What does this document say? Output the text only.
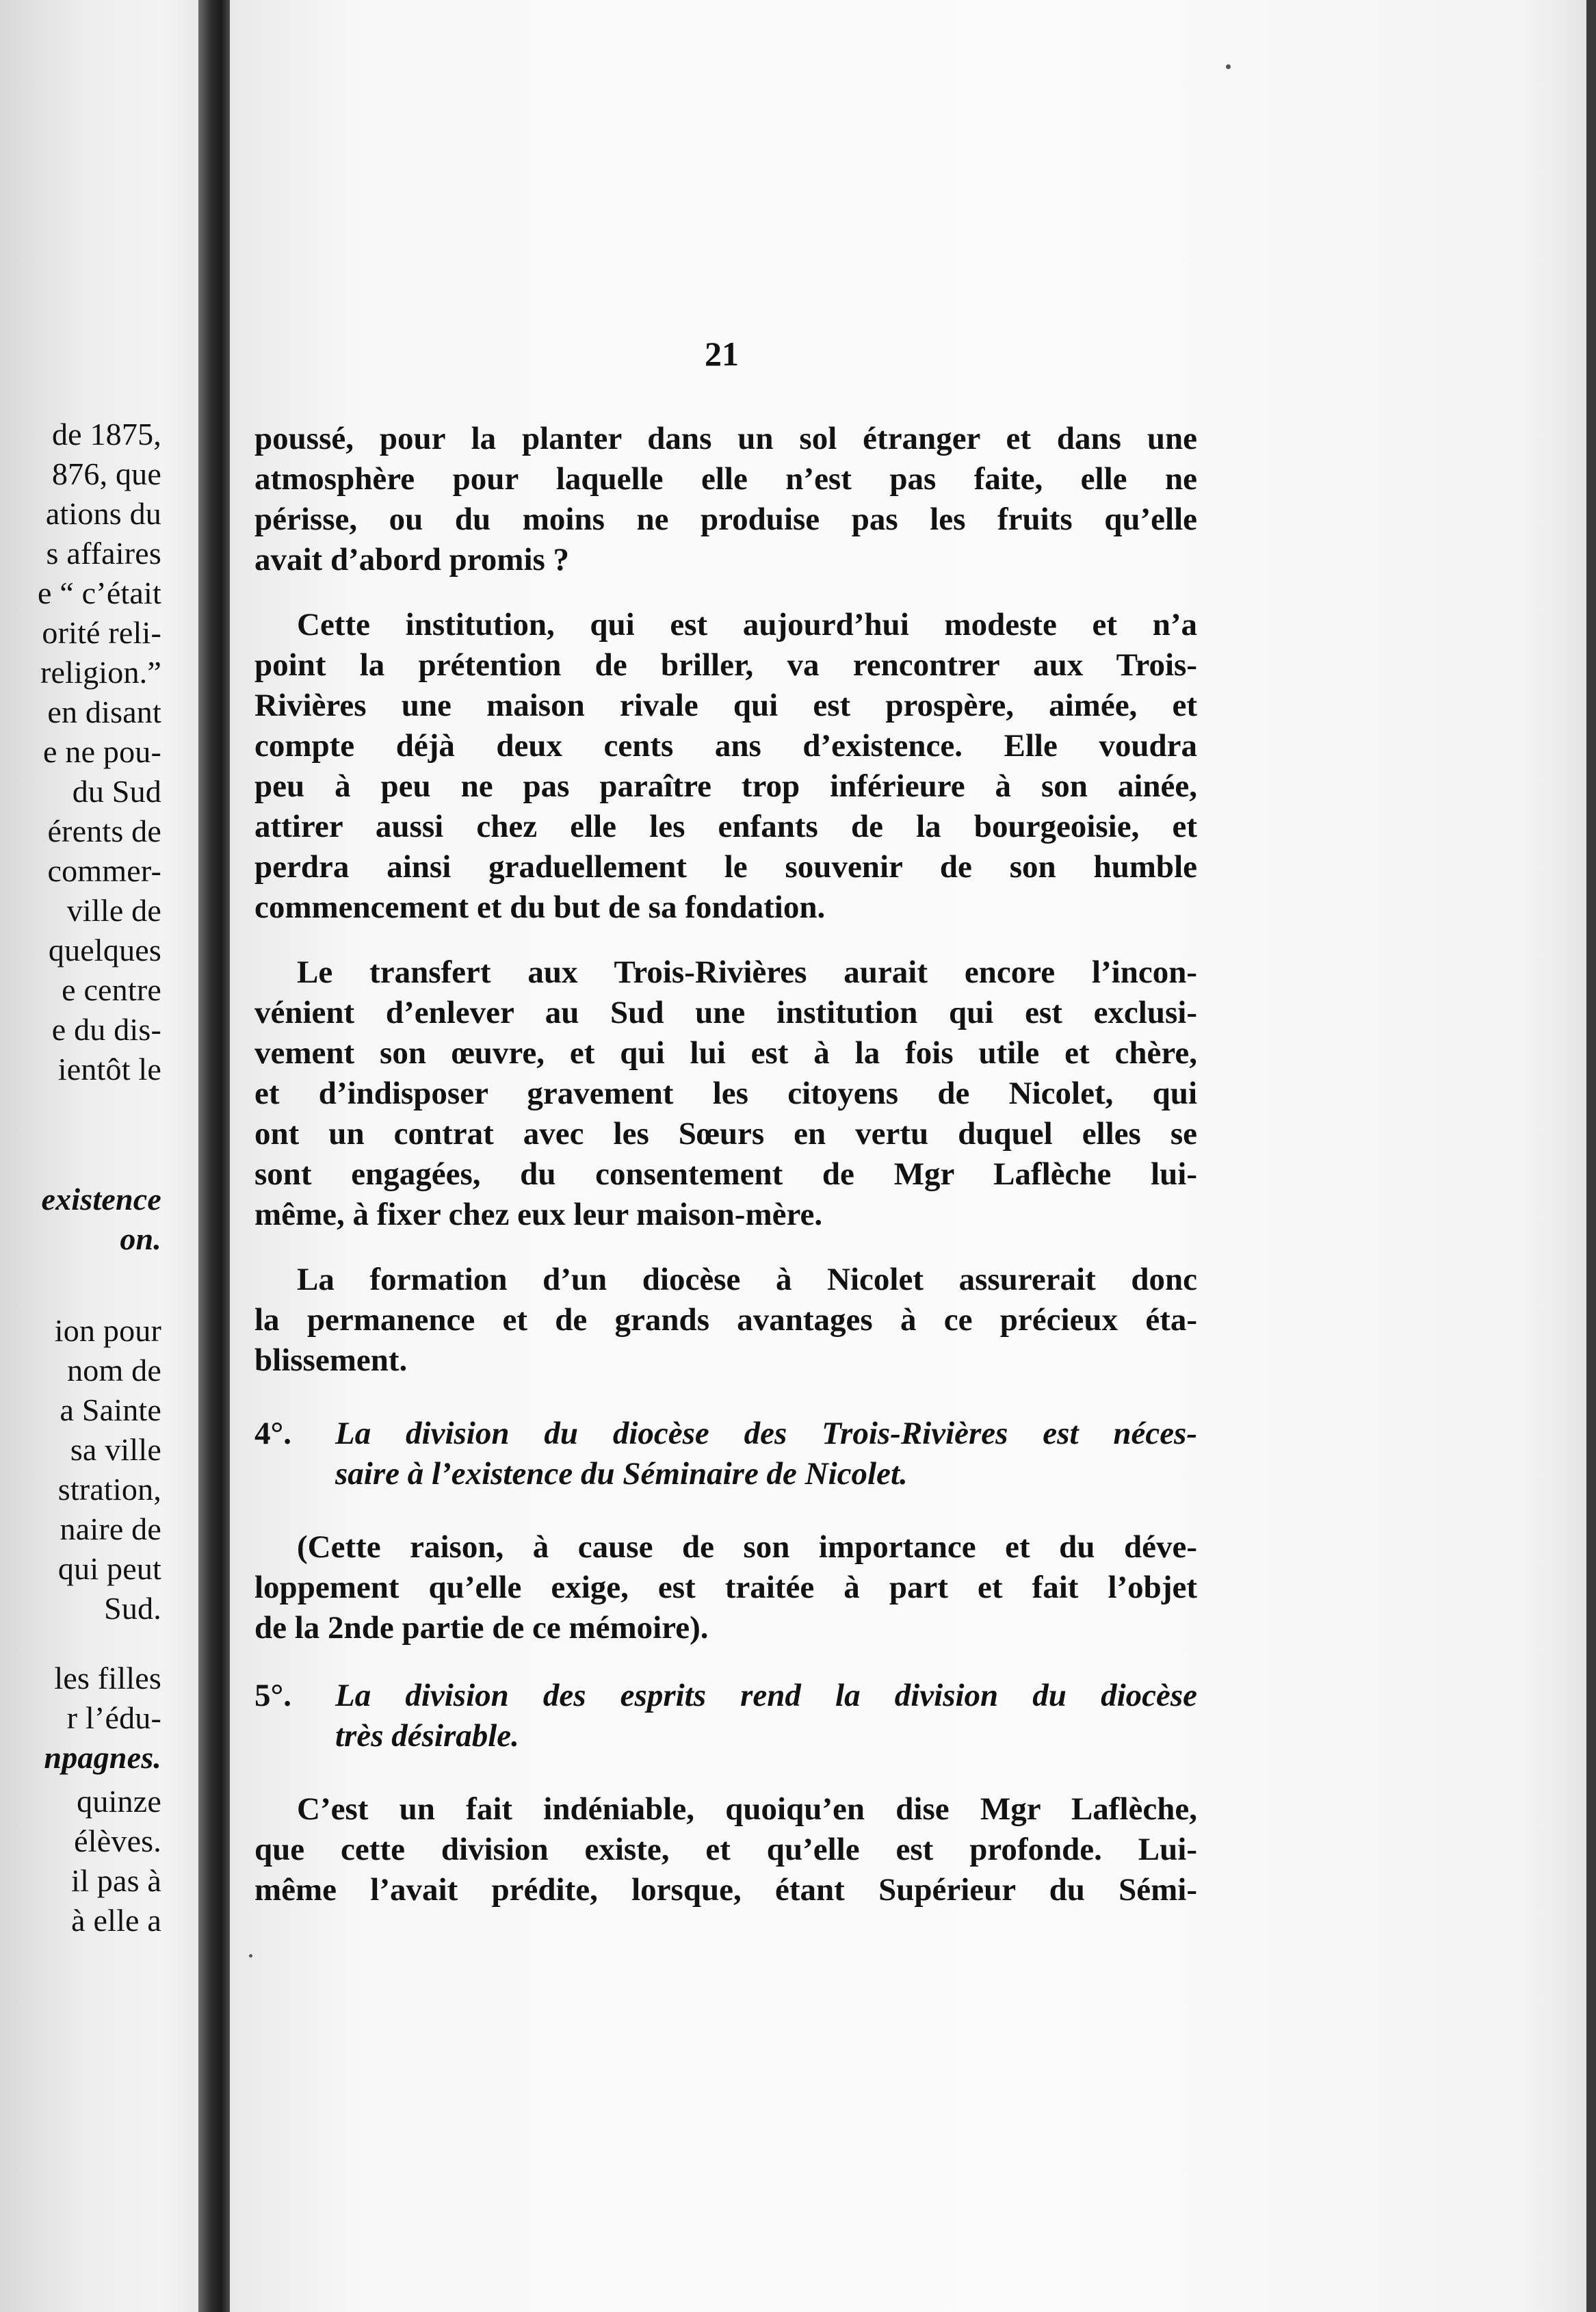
de 1875,
876, que
ations du
s affaires
e “ c’était
orité reli-
religion.”
en disant
e ne pou-
du Sud
érents de
commer-
ville de
quelques
e centre
e du dis-
ientôt le
existence
on.
ion pour
nom de
a Sainte
sa ville
stration,
naire de
qui peut
Sud.
les filles
r l’édu-
npagnes.
quinze
élèves.
il pas à
à elle a
21
poussé, pour la planter dans un sol étranger et dans une
atmosphère pour laquelle elle n’est pas faite, elle ne
périsse, ou du moins ne produise pas les fruits qu’elle
avait d’abord promis ?
Cette institution, qui est aujourd’hui modeste et n’a
point la prétention de briller, va rencontrer aux Trois-
Rivières une maison rivale qui est prospère, aimée, et
compte déjà deux cents ans d’existence. Elle voudra
peu à peu ne pas paraître trop inférieure à son ainée,
attirer aussi chez elle les enfants de la bourgeoisie, et
perdra ainsi graduellement le souvenir de son humble
commencement et du but de sa fondation.
Le transfert aux Trois-Rivières aurait encore l’incon-
vénient d’enlever au Sud une institution qui est exclusi-
vement son œuvre, et qui lui est à la fois utile et chère,
et d’indisposer gravement les citoyens de Nicolet, qui
ont un contrat avec les Sœurs en vertu duquel elles se
sont engagées, du consentement de Mgr Laflèche lui-
même, à fixer chez eux leur maison-mère.
La formation d’un diocèse à Nicolet assurerait donc
la permanence et de grands avantages à ce précieux éta-
blissement.
4°. La division du diocèse des Trois-Rivières est néces-
saire à l’existence du Séminaire de Nicolet.
(Cette raison, à cause de son importance et du déve-
loppement qu’elle exige, est traitée à part et fait l’objet
de la 2nde partie de ce mémoire).
5°. La division des esprits rend la division du diocèse
très désirable.
C’est un fait indéniable, quoiqu’en dise Mgr Laflèche,
que cette division existe, et qu’elle est profonde. Lui-
même l’avait prédite, lorsque, étant Supérieur du Sémi-
